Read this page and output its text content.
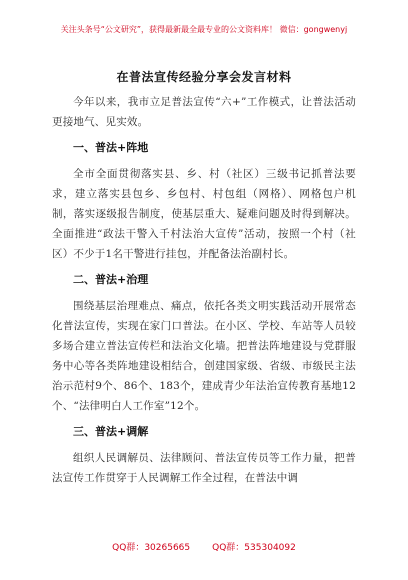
关注头条号“公文研究”，获得最新最全最专业的公文资料库！ 微信：gongwenyj
在普法宣传经验分享会发言材料

今年以来，我市立足普法宣传“六+”工作模式，让普法活动更接地气、见实效。

一、普法+阵地

全市全面贯彻落实县、乡、村（社区）三级书记抓普法要求，建立落实县包乡、乡包村、村包组（网格）、网格包户机制，落实逐级报告制度，使基层重大、疑难问题及时得到解决。全面推进“政法干警入千村法治大宣传”活动，按照一个村（社区）不少于1名干警进行挂包，并配备法治副村长。

二、普法+治理

围绕基层治理难点、痛点，依托各类文明实践活动开展常态化普法宣传，实现在家门口普法。在小区、学校、车站等人员较多场合建立普法宣传栏和法治文化墙。把普法阵地建设与党群服务中心等各类阵地建设相结合，创建国家级、省级、市级民主法治示范村9个、86个、183个，建成青少年法治宣传教育基地12个、“法律明白人工作室”12个。

三、普法+调解

组织人民调解员、法律顾问、普法宣传员等工作力量，把普法宣传工作贯穿于人民调解工作全过程，在普法中调

QQ群：30265665 QQ群：535304092
